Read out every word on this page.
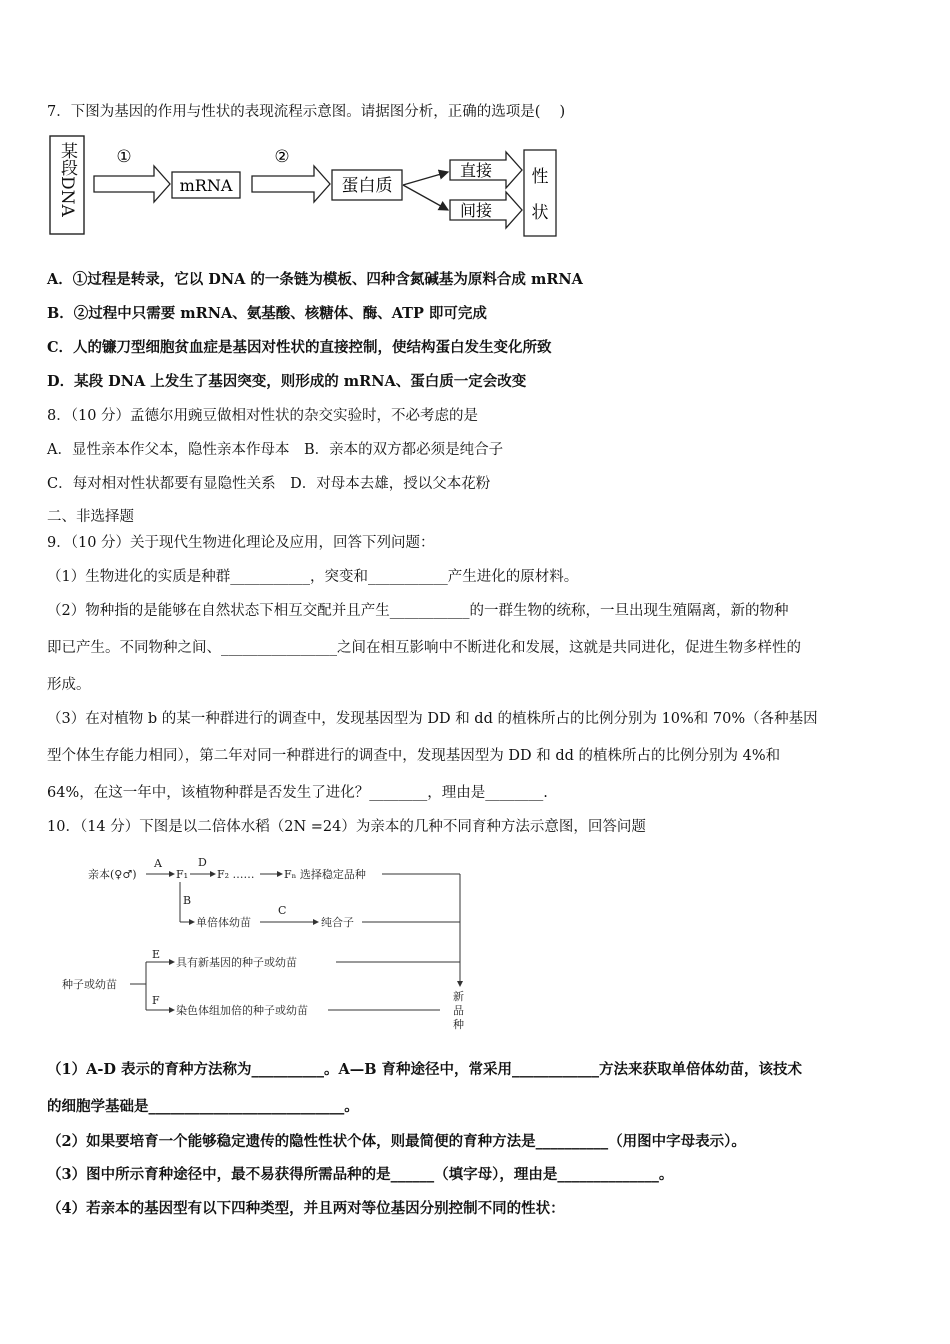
7．下图为基因的作用与性状的表现流程示意图。请据图分析，正确的选项是(　 )
某段DNA ①
mRNA
②
蛋白质
直接
间接
性
状
A．①过程是转录，它以 DNA 的一条链为模板、四种含氮碱基为原料合成 mRNA
B．②过程中只需要 mRNA、氨基酸、核糖体、酶、ATP 即可完成
C．人的镰刀型细胞贫血症是基因对性状的直接控制，使结构蛋白发生变化所致
D．某段 DNA 上发生了基因突变，则形成的 mRNA、蛋白质一定会改变
8．（10 分）孟德尔用豌豆做相对性状的杂交实验时，不必考虑的是
A．显性亲本作父本，隐性亲本作母本　B．亲本的双方都必须是纯合子
C．每对相对性状都要有显隐性关系　D．对母本去雄，授以父本花粉
二、非选择题
9．（10 分）关于现代生物进化理论及应用，回答下列问题：
（1）生物进化的实质是种群___________，突变和___________产生进化的原材料。
（2）物种指的是能够在自然状态下相互交配并且产生___________的一群生物的统称，一旦出现生殖隔离，新的物种
即已产生。不同物种之间、________________之间在相互影响中不断进化和发展，这就是共同进化，促进生物多样性的
形成。
（3）在对植物 b 的某一种群进行的调查中，发现基因型为 DD 和 dd 的植株所占的比例分别为 10%和 70%（各种基因
型个体生存能力相同），第二年对同一种群进行的调查中，发现基因型为 DD 和 dd 的植株所占的比例分别为 4%和
64%，在这一年中，该植物种群是否发生了进化？________，理由是________.
10．（14 分）下图是以二倍体水稻（2N =24）为亲本的几种不同育种方法示意图，回答问题
亲本(♀♂)
A
F₁
D
F₂ ……	Fₙ 选择稳定品种
B
单倍体幼苗
C
纯合子
种子或幼苗
E
具有新基因的种子或幼苗
F
染色体组加倍的种子或幼苗
新
品
种
（1）A-D 表示的育种方法称为__________。A—B 育种途径中，常采用____________方法来获取单倍体幼苗，该技术
的细胞学基础是___________________________。
（2）如果要培育一个能够稳定遗传的隐性性状个体，则最简便的育种方法是__________（用图中字母表示）。
（3）图中所示育种途径中，最不易获得所需品种的是______（填字母），理由是______________。
（4）若亲本的基因型有以下四种类型，并且两对等位基因分别控制不同的性状：
